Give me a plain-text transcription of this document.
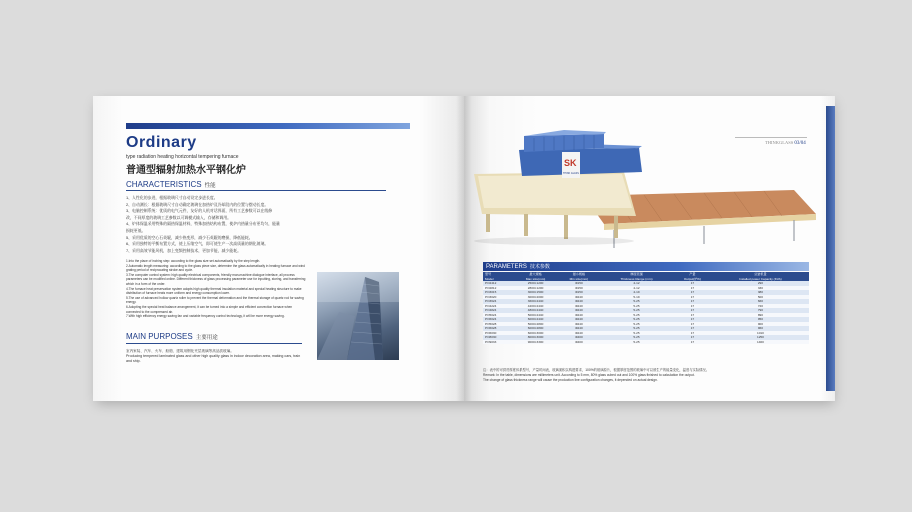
Ordinary
type radiation heating horizontal tempering furnace
普通型辐射加热水平钢化炉
CHARACTERISTICS 性能
1、人性化的步进，根据玻璃尺寸自动设定步进长度。
2、自动测长：根据玻璃尺寸自动确定玻璃在加热炉及冷却段内的位置与摆动长度。
3、电脑控制系统：优质的电气元件，友好的人机对话界面，所有工艺参数可以在线修
改，不同厚度的玻璃工艺参数以可调模式输入，存储和调用。
4、炉体保温采用特殊的隔热保温材料，特殊加热结构布置，使炉内热量分布更均匀，能量
损耗更低。
5、采用优质的空心石英辊，减少热变形，减少石英辊的磨损，降低能耗。
6、采用独特的平衡布置方式，使上压缩空气，即可使生产一次高质量的钢化玻璃。
7、采用高效节能风机，加上变频控制技术，更加节能，减少能耗。
1.Into the place of inching step: according to the glass size set automatically by the step length.
2.Automatic length measuring: according to the glass piece size, determine the glass automatically in heating furnace and wind grating period of reciprocating stroke and cycle.
3.The computer control system: high quality electrical components, friendly man-machine dialogue interface, all process parameters can be modified online. Different thickness of glass processing parameter use for inputting, storing, and transferring which in a form of the order.
4.The furnace heat preservation system adopts high quality thermal insulation material and special heating structure to make distribution of furnace heats more uniform and energy consumption lower.
5.The use of advanced hollow quartz roller to prevent the thermal deformation and the thermal storage of quartz rod for saving energy.
6.Adopting the special heat balance arrangement, it can be turned into a simple and efficient convection furnace when connected to the compressed air.
7.With high efficiency energy saving fan and variable frequency control technology, it will be more energy saving.
MAIN PURPOSES 主要用途
室内家装、汽车、火车、船舶、建筑用钢化夹层玻璃等高品质玻璃。
Producing tempered laminated glass and other high quality glass in indoor decoration area, making cars, train and ship.
THINKGLASS 03/04
SK
THINK GLASS
PARAMETERS 技术参数
型号	最大规格	最小规格	厚度范围	产量	总装机量
Model	Max size(mm)	Min size(mm)	Thickness Range (mm)	Output(炉/h)	Installed power Capacity (KVA)
PO2412	2500×1200	Φ150	4-12	17	290
PO2812	2800×1200	Φ150	4-12	17	330
PO3015	3000×1500	Φ150	4-19	17	380
PO3020	3000×2000	Φ240	5-19	17	500
PO3624	3600×2440	Φ240	5-25	17	660
PO4224	4200×2440	Φ240	5-25	17	720
PO4824	4800×2440	Φ240	5-25	17	790
PO5024	5000×2440	Φ240	5-25	17	890
PO6024	6000×2440	Φ240	5-25	17	950
PO5028	5000×2800	Φ240	5-25	17	900
PO6028	6000×2800	Φ240	5-25	17	960
PO6030	6000×3000	Φ240	5-25	17	1010
PO8030	8000×3000	Φ400	5-25	17	1250
PO9033	9000×3300	Φ400	5-25	17	1460
注：表中的可供货厚度体系型号，产量时间表，玻璃面积以构建要求，100%的玻璃原片，根据厚度范围的玻璃中可以被生产的能量变化，温度与实际情况。
Remark: In the table, dimensions are millimeters unit. According to 5 mm, 80% glass cubed out and 100% glass finished to calculation the output.
The change of glass thickness range will cause the production line configuration changes, it depended on actual design.
